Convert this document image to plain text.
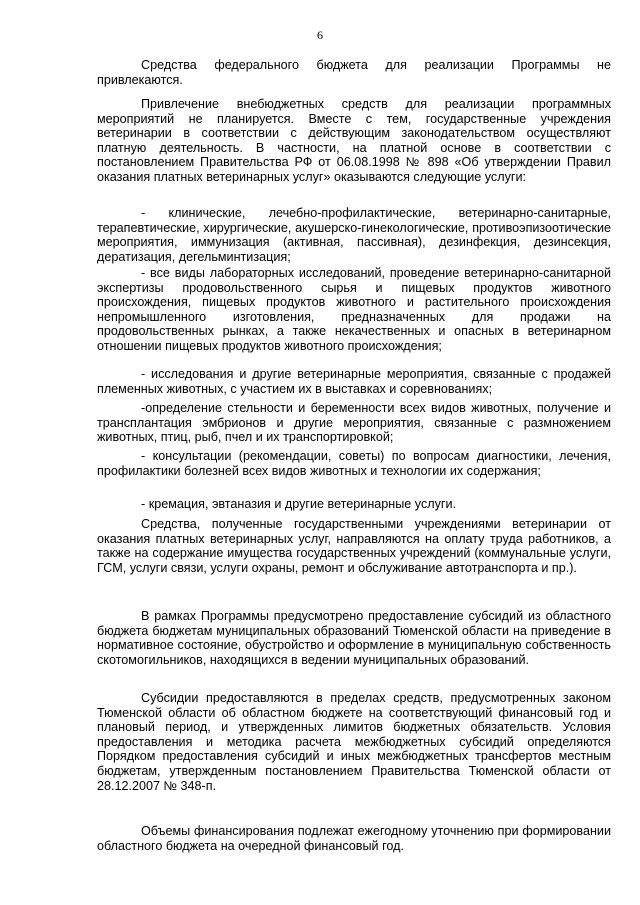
6

Средства федерального бюджета для реализации Программы не привлекаются.

Привлечение внебюджетных средств для реализации программных мероприятий не планируется. Вместе с тем, государственные учреждения ветеринарии в соответствии с действующим законодательством осуществляют платную деятельность. В частности, на платной основе в соответствии с постановлением Правительства РФ от 06.08.1998 № 898 «Об утверждении Правил оказания платных ветеринарных услуг» оказываются следующие услуги:

- клинические, лечебно-профилактические, ветеринарно-санитарные, терапевтические, хирургические, акушерско-гинекологические, противоэпизоотические мероприятия, иммунизация (активная, пассивная), дезинфекция, дезинсекция, дератизация, дегельминтизация;

- все виды лабораторных исследований, проведение ветеринарно-санитарной экспертизы продовольственного сырья и пищевых продуктов животного происхождения, пищевых продуктов животного и растительного происхождения непромышленного изготовления, предназначенных для продажи на продовольственных рынках, а также некачественных и опасных в ветеринарном отношении пищевых продуктов животного происхождения;

- исследования и другие ветеринарные мероприятия, связанные с продажей племенных животных, с участием их в выставках и соревнованиях;

-определение стельности и беременности всех видов животных, получение и трансплантация эмбрионов и другие мероприятия, связанные с размножением животных, птиц, рыб, пчел и их транспортировкой;

- консультации (рекомендации, советы) по вопросам диагностики, лечения, профилактики болезней всех видов животных и технологии их содержания;

- кремация, эвтаназия и другие ветеринарные услуги.

Средства, полученные государственными учреждениями ветеринарии от оказания платных ветеринарных услуг, направляются на оплату труда работников, а также на содержание имущества государственных учреждений (коммунальные услуги, ГСМ, услуги связи, услуги охраны, ремонт и обслуживание автотранспорта и пр.).

В рамках Программы предусмотрено предоставление субсидий из областного бюджета бюджетам муниципальных образований Тюменской области на приведение в нормативное состояние, обустройство и оформление в муниципальную собственность скотомогильников, находящихся в ведении муниципальных образований.

Субсидии предоставляются в пределах средств, предусмотренных законом Тюменской области об областном бюджете на соответствующий финансовый год и плановый период, и утвержденных лимитов бюджетных обязательств. Условия предоставления и методика расчета межбюджетных субсидий определяются Порядком предоставления субсидий и иных межбюджетных трансфертов местным бюджетам, утвержденным постановлением Правительства Тюменской области от 28.12.2007 № 348-п.

Объемы финансирования подлежат ежегодному уточнению при формировании областного бюджета на очередной финансовый год.
